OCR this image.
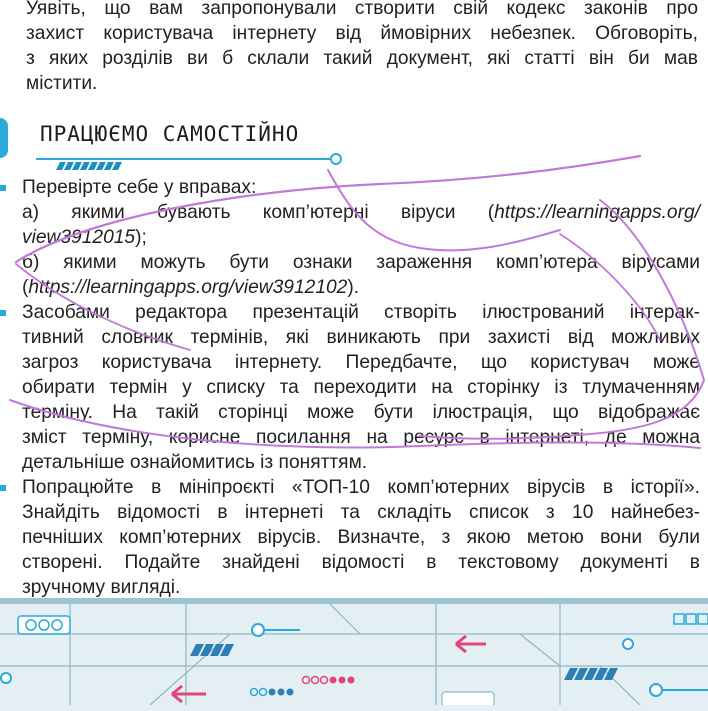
Уявіть, що вам запропонували створити свій кодекс законів про
захист користувача інтернету від ймовірних небезпек. Обговоріть,
з яких розділів ви б склали такий документ, які статті він би мав
містити.
ПРАЦЮЄМО САМОСТІЙНО
Перевірте себе у вправах:
а) якими бувають комп’ютерні віруси (https://learningapps.org/
view3912015);
б) якими можуть бути ознаки зараження комп’ютера вірусами
(https://learningapps.org/view3912102).
Засобами редактора презентацій створіть ілюстрований інтерак-
тивний словник термінів, які виникають при захисті від можливих
загроз користувача інтернету. Передбачте, що користувач може
обирати термін у списку та переходити на сторінку із тлумаченням
терміну. На такій сторінці може бути ілюстрація, що відображає
зміст терміну, корисне посилання на ресурс в інтернеті, де можна
детальніше ознайомитись із поняттям.
Попрацюйте в мініпроєкті «ТОП-10 комп’ютерних вірусів в історії».
Знайдіть відомості в інтернеті та складіть список з 10 найнебез-
печніших комп’ютерних вірусів. Визначте, з якою метою вони були
створені. Подайте знайдені відомості в текстовому документі в
зручному вигляді.
